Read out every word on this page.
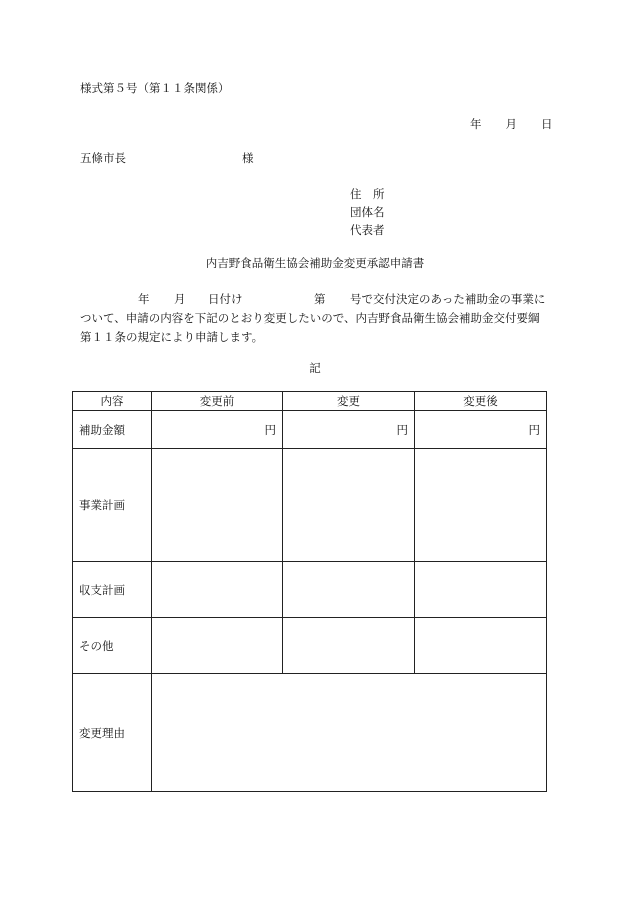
様式第５号（第１１条関係）
年 月 日
五條市長	様
住　所
団体名
代表者
内吉野食品衛生協会補助金変更承認申請書
年 月 日付け	第 号で交付決定のあった補助金の事業に
ついて、申請の内容を下記のとおり変更したいので、内吉野食品衛生協会補助金交付要綱
第１１条の規定により申請します。
記
内容	変更前	変更	変更後
補助金額	円	円	円
事業計画			
収支計画			
その他			
変更理由			
